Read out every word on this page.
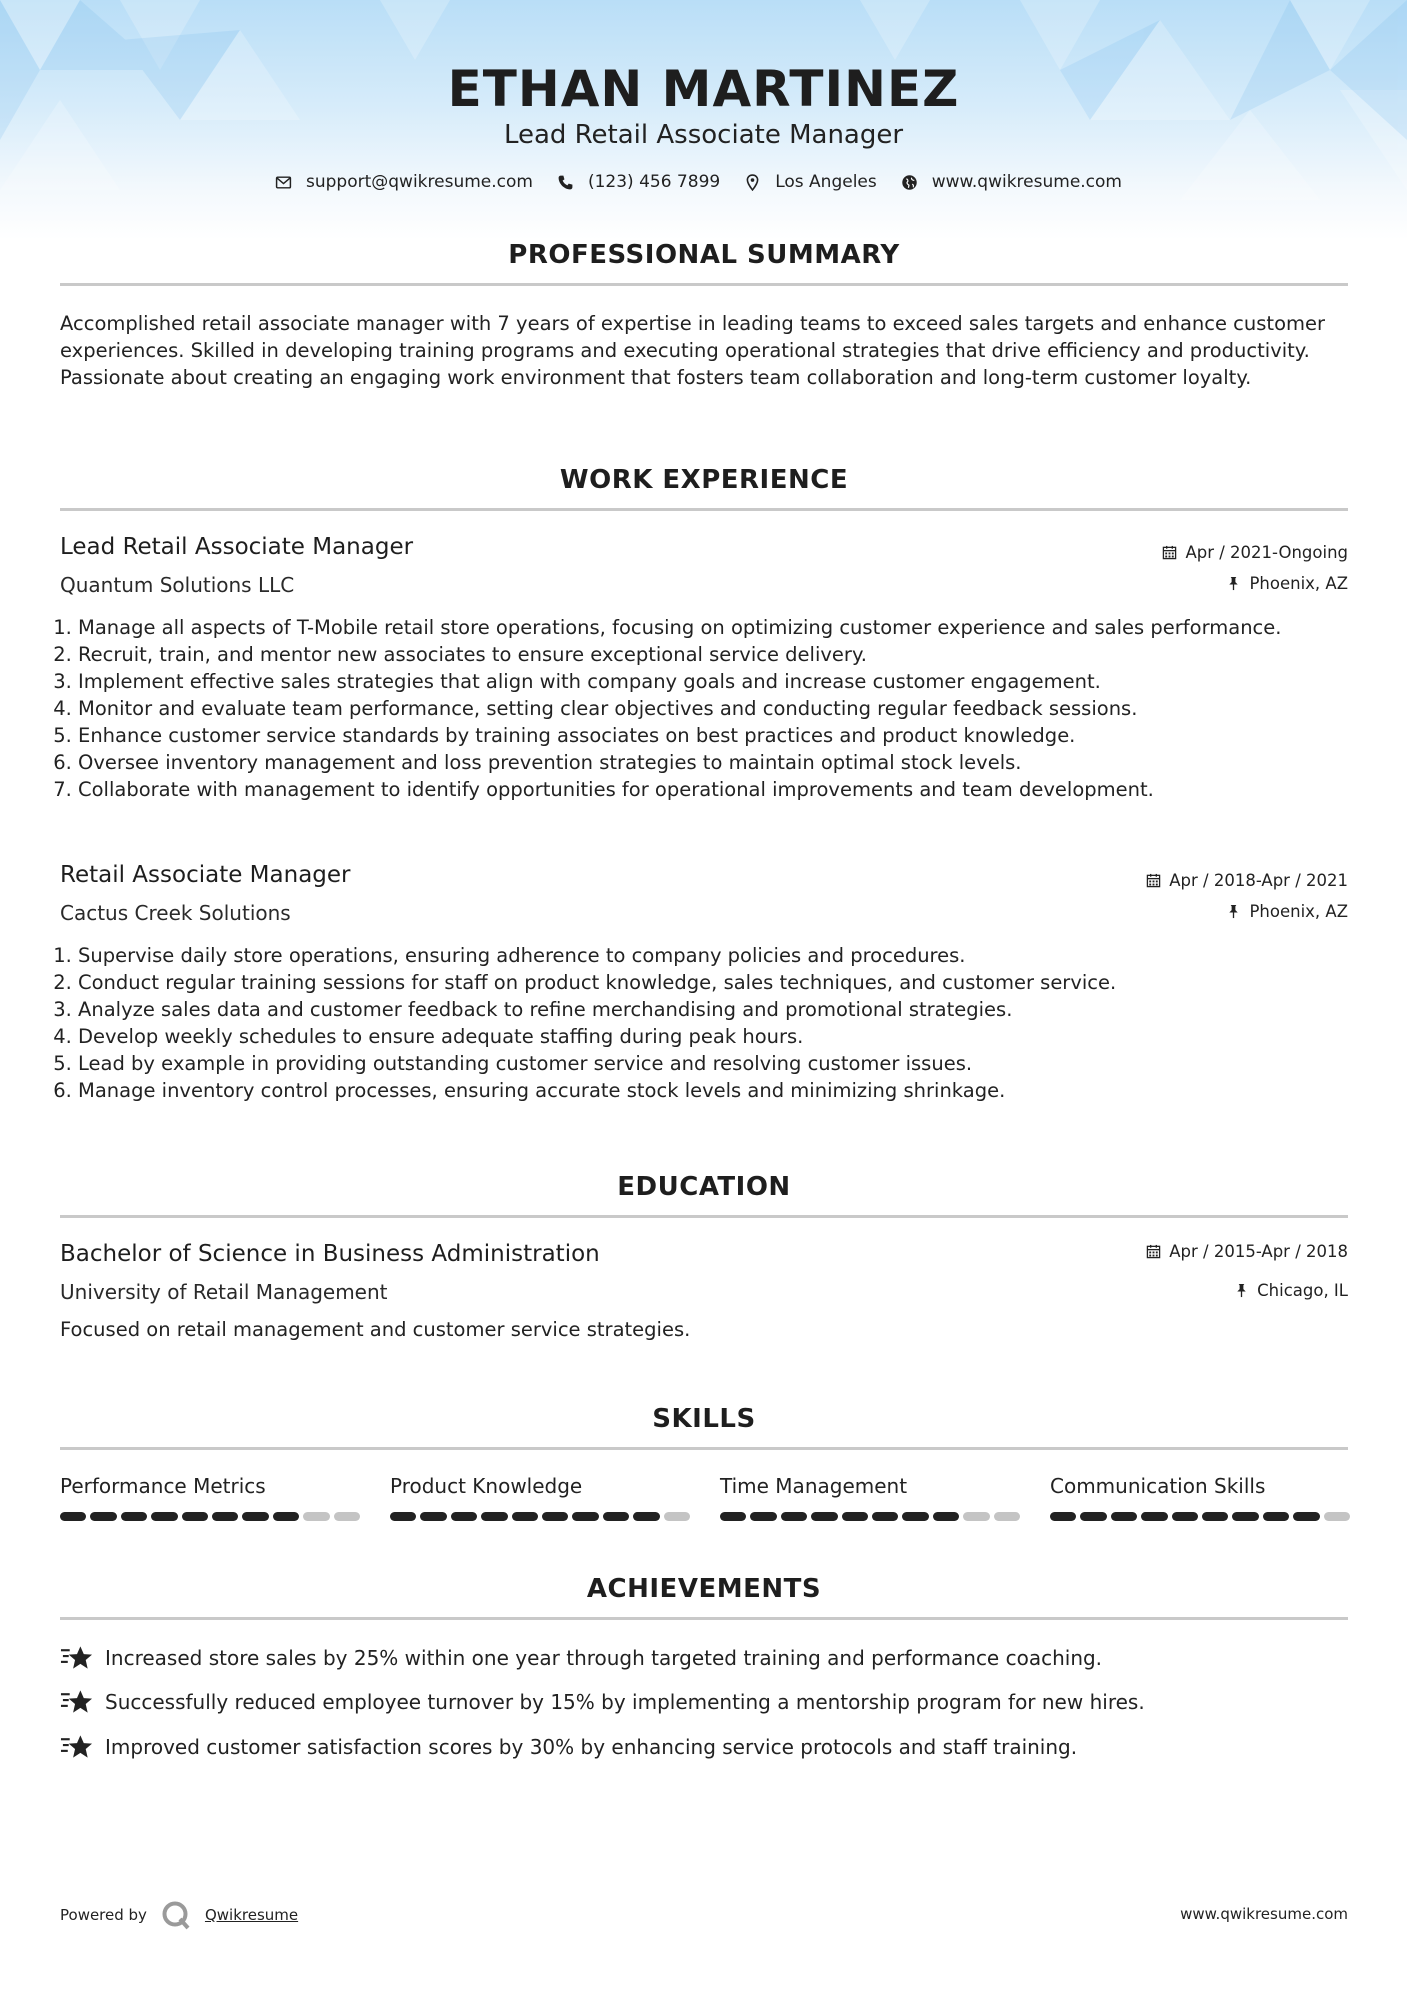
ETHAN MARTINEZ
Lead Retail Associate Manager
support@qwikresume.com	(123) 456 7899	Los Angeles	www.qwikresume.com
PROFESSIONAL SUMMARY
Accomplished retail associate manager with 7 years of expertise in leading teams to exceed sales targets and enhance customer experiences. Skilled in developing training programs and executing operational strategies that drive efficiency and productivity. Passionate about creating an engaging work environment that fosters team collaboration and long-term customer loyalty.
WORK EXPERIENCE
Lead Retail Associate Manager	Apr / 2021-Ongoing
Quantum Solutions LLC	Phoenix, AZ
1. Manage all aspects of T-Mobile retail store operations, focusing on optimizing customer experience and sales performance.
2. Recruit, train, and mentor new associates to ensure exceptional service delivery.
3. Implement effective sales strategies that align with company goals and increase customer engagement.
4. Monitor and evaluate team performance, setting clear objectives and conducting regular feedback sessions.
5. Enhance customer service standards by training associates on best practices and product knowledge.
6. Oversee inventory management and loss prevention strategies to maintain optimal stock levels.
7. Collaborate with management to identify opportunities for operational improvements and team development.
Retail Associate Manager	Apr / 2018-Apr / 2021
Cactus Creek Solutions	Phoenix, AZ
1. Supervise daily store operations, ensuring adherence to company policies and procedures.
2. Conduct regular training sessions for staff on product knowledge, sales techniques, and customer service.
3. Analyze sales data and customer feedback to refine merchandising and promotional strategies.
4. Develop weekly schedules to ensure adequate staffing during peak hours.
5. Lead by example in providing outstanding customer service and resolving customer issues.
6. Manage inventory control processes, ensuring accurate stock levels and minimizing shrinkage.
EDUCATION
Bachelor of Science in Business Administration	Apr / 2015-Apr / 2018
University of Retail Management	Chicago, IL
Focused on retail management and customer service strategies.
SKILLS
Performance Metrics	Product Knowledge	Time Management	Communication Skills
ACHIEVEMENTS
Increased store sales by 25% within one year through targeted training and performance coaching.
Successfully reduced employee turnover by 15% by implementing a mentorship program for new hires.
Improved customer satisfaction scores by 30% by enhancing service protocols and staff training.
Powered by	Qwikresume	www.qwikresume.com
